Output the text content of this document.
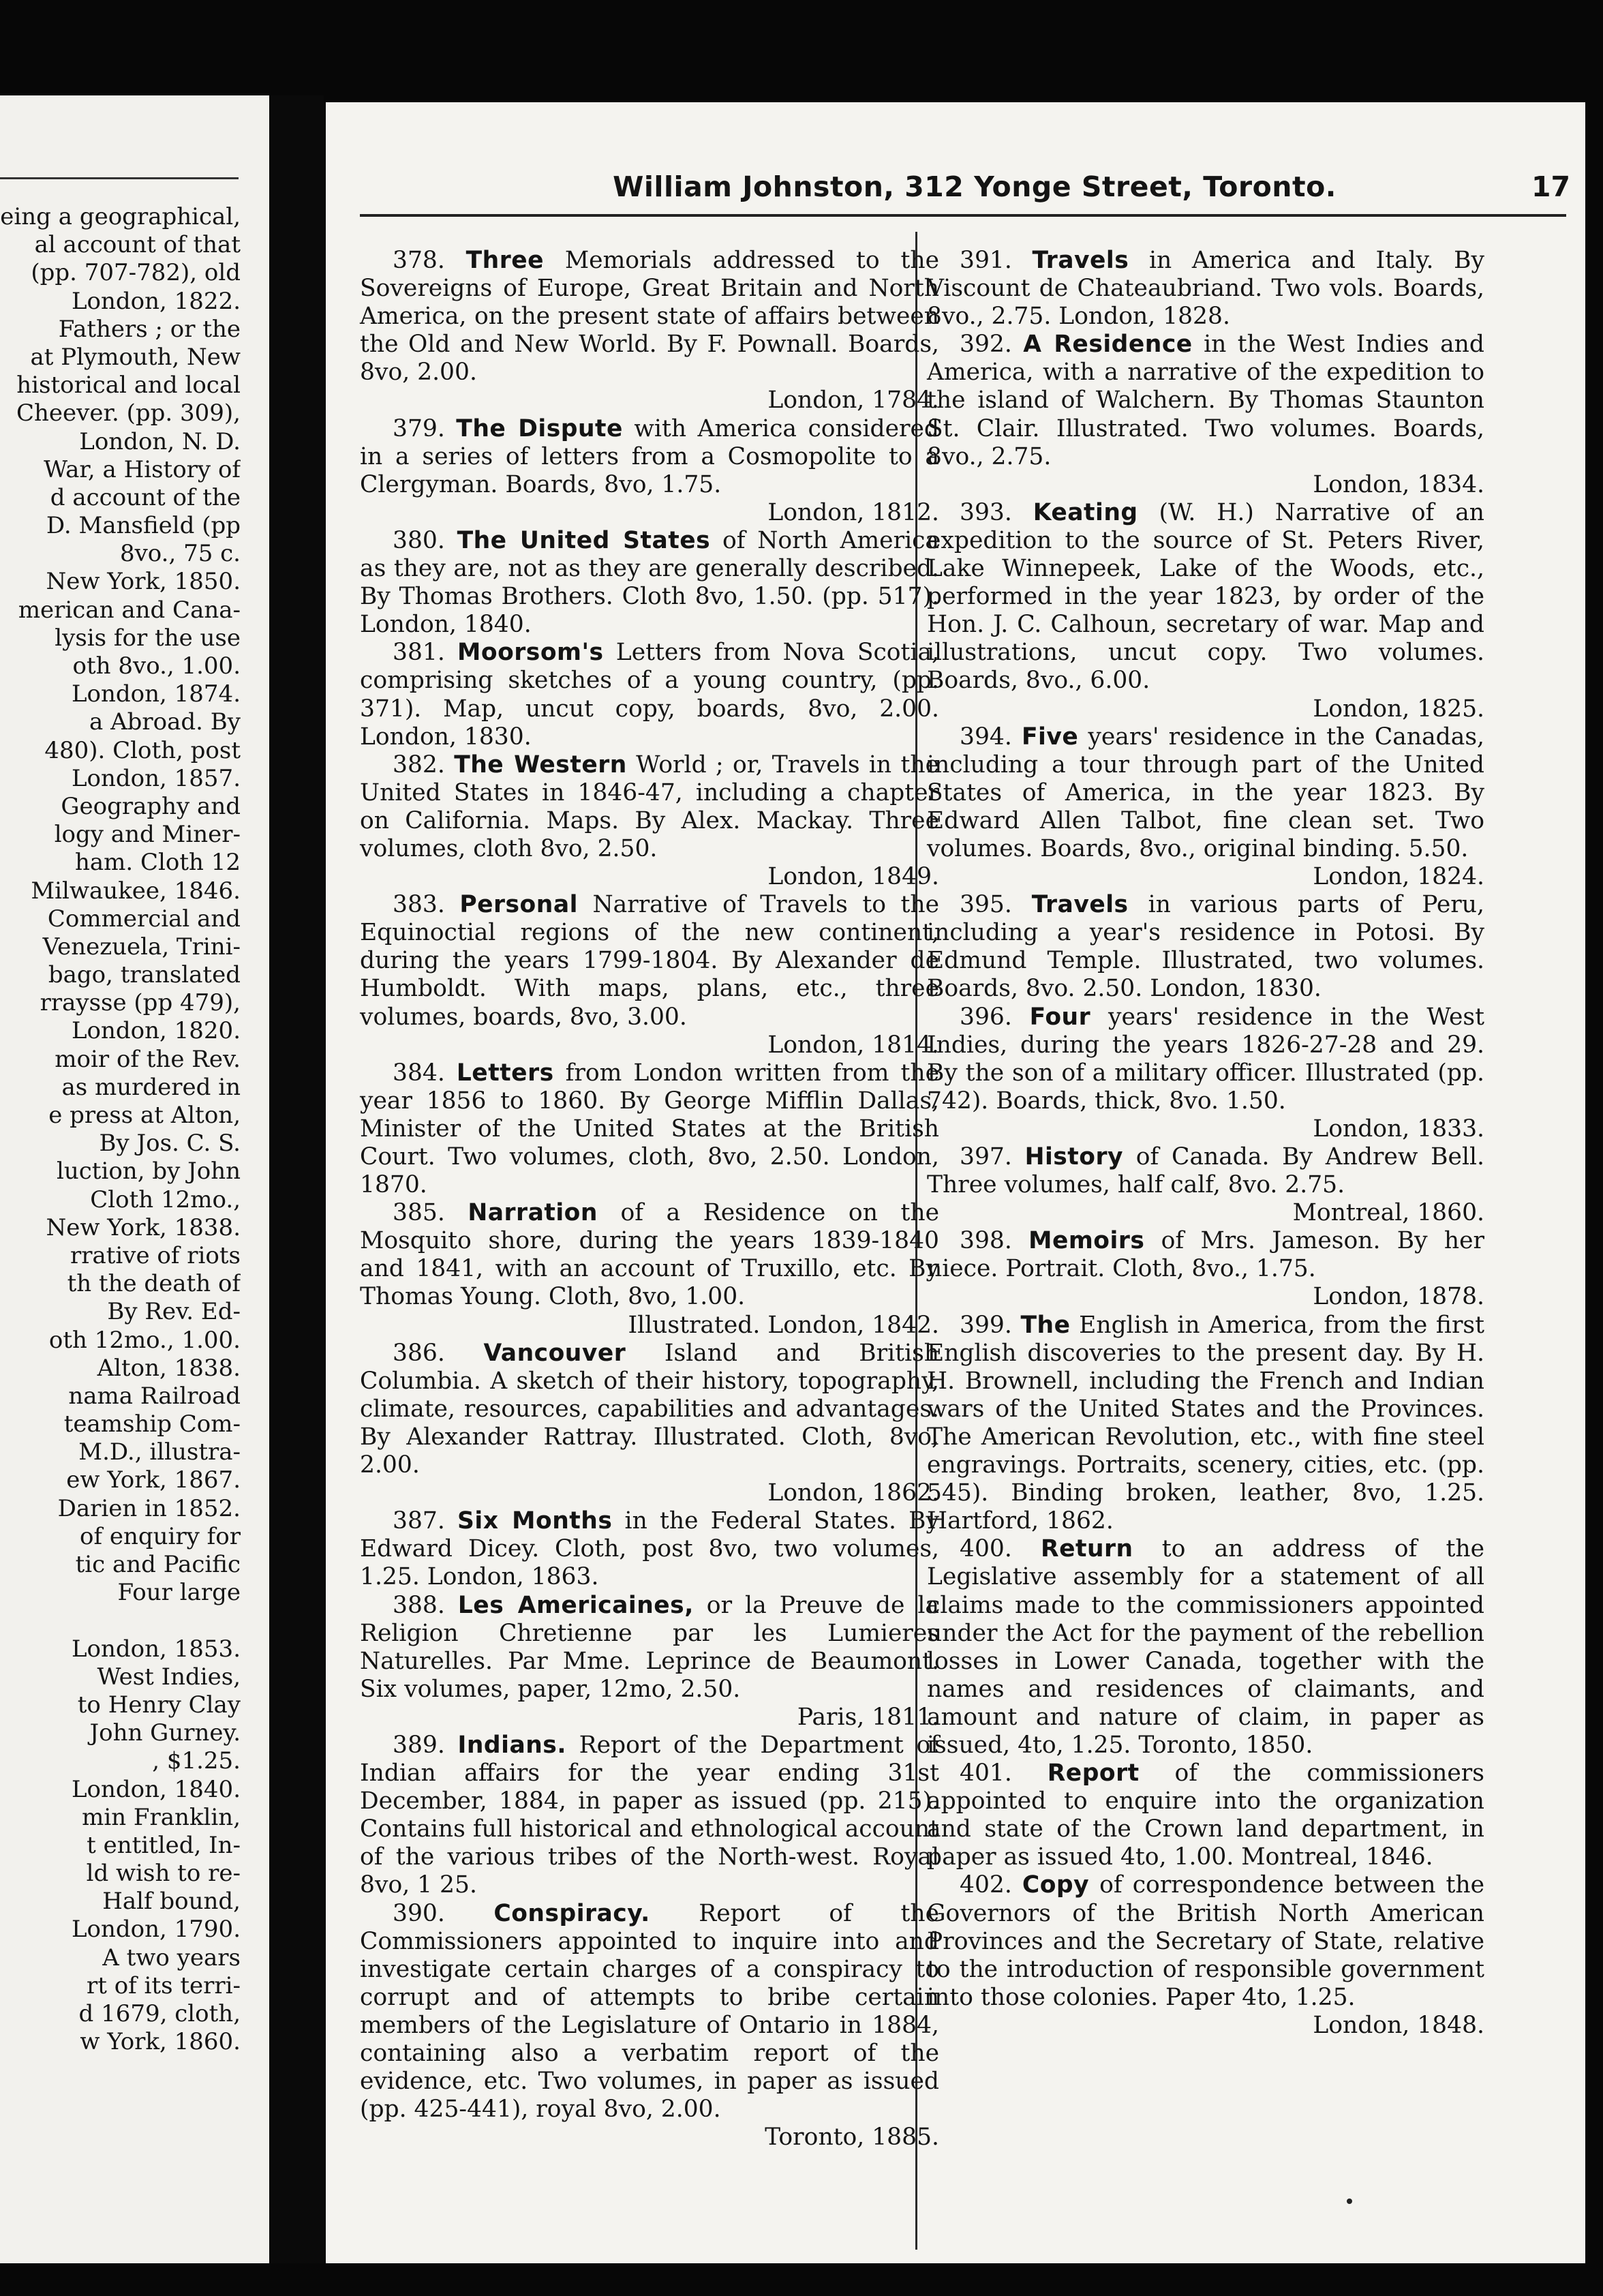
eing a geographical,
al account of that
(pp. 707-782), old
London, 1822.
Fathers ; or the
at Plymouth, New
historical and local
Cheever. (pp. 309),
London, N. D.
War, a History of
d account of the
D. Mansfield (pp
8vo., 75 c.
New York, 1850.
merican and Cana-
lysis for the use
oth 8vo., 1.00.
London, 1874.
a Abroad. By
480). Cloth, post
London, 1857.
Geography and
logy and Miner-
ham. Cloth 12
Milwaukee, 1846.
Commercial and
Venezuela, Trini-
bago, translated
rraysse (pp 479),
London, 1820.
moir of the Rev.
as murdered in
e press at Alton,
By Jos. C. S.
luction, by John
Cloth 12mo.,
New York, 1838.
rrative of riots
th the death of
By Rev. Ed-
oth 12mo., 1.00.
Alton, 1838.
nama Railroad
teamship Com-
M.D., illustra-
ew York, 1867.
Darien in 1852.
of enquiry for
tic and Pacific
Four large
London, 1853.
West Indies,
to Henry Clay
John Gurney.
, $1.25.
London, 1840.
min Franklin,
t entitled, In-
ld wish to re-
Half bound,
London, 1790.
A two years
rt of its terri-
d 1679, cloth,
w York, 1860.
William Johnston, 312 Yonge Street, Toronto.	17

378. Three Memorials addressed to the Sovereigns of Europe, Great Britain and North America, on the present state of affairs between the Old and New World. By F. Pownall. Boards, 8vo, 2.00.
London, 1784.

379. The Dispute with America considered in a series of letters from a Cosmopolite to a Clergyman. Boards, 8vo, 1.75.
London, 1812.

380. The United States of North America as they are, not as they are generally described. By Thomas Brothers. Cloth 8vo, 1.50. (pp. 517). London, 1840.

381. Moorsom's Letters from Nova Scotia, comprising sketches of a young country, (pp. 371). Map, uncut copy, boards, 8vo, 2.00. London, 1830.

382. The Western World ; or, Travels in the United States in 1846-47, including a chapter on California. Maps. By Alex. Mackay. Three volumes, cloth 8vo, 2.50.
London, 1849.

383. Personal Narrative of Travels to the Equinoctial regions of the new continent, during the years 1799-1804. By Alexander de Humboldt. With maps, plans, etc., three volumes, boards, 8vo, 3.00.
London, 1814.

384. Letters from London written from the year 1856 to 1860. By George Mifflin Dallas, Minister of the United States at the British Court. Two volumes, cloth, 8vo, 2.50. London, 1870.

385. Narration of a Residence on the Mosquito shore, during the years 1839-1840 and 1841, with an account of Truxillo, etc. By Thomas Young. Cloth, 8vo, 1.00.
Illustrated. London, 1842.

386. Vancouver Island and British Columbia. A sketch of their history, topography, climate, resources, capabilities and advantages. By Alexander Rattray. Illustrated. Cloth, 8vo, 2.00.
London, 1862.

387. Six Months in the Federal States. By Edward Dicey. Cloth, post 8vo, two volumes, 1.25. London, 1863.

388. Les Americaines, or la Preuve de la Religion Chretienne par les Lumieres Naturelles. Par Mme. Leprince de Beaumont. Six volumes, paper, 12mo, 2.50.
Paris, 1811.

389. Indians. Report of the Department of Indian affairs for the year ending 31st December, 1884, in paper as issued (pp. 215). Contains full historical and ethnological account of the various tribes of the North-west. Royal 8vo, 1 25.

390. Conspiracy. Report of the Commissioners appointed to inquire into and investigate certain charges of a conspiracy to corrupt and of attempts to bribe certain members of the Legislature of Ontario in 1884, containing also a verbatim report of the evidence, etc. Two volumes, in paper as issued (pp. 425-441), royal 8vo, 2.00.
Toronto, 1885.

391. Travels in America and Italy. By Viscount de Chateaubriand. Two vols. Boards, 8vo., 2.75. London, 1828.

392. A Residence in the West Indies and America, with a narrative of the expedition to the island of Walchern. By Thomas Staunton St. Clair. Illustrated. Two volumes. Boards, 8vo., 2.75.
London, 1834.

393. Keating (W. H.) Narrative of an expedition to the source of St. Peters River, Lake Winnepeek, Lake of the Woods, etc., performed in the year 1823, by order of the Hon. J. C. Calhoun, secretary of war. Map and illustrations, uncut copy. Two volumes. Boards, 8vo., 6.00.
London, 1825.

394. Five years' residence in the Canadas, including a tour through part of the United States of America, in the year 1823. By Edward Allen Talbot, fine clean set. Two volumes. Boards, 8vo., original binding. 5.50.
London, 1824.

395. Travels in various parts of Peru, including a year's residence in Potosi. By Edmund Temple. Illustrated, two volumes. Boards, 8vo. 2.50. London, 1830.

396. Four years' residence in the West Indies, during the years 1826-27-28 and 29. By the son of a military officer. Illustrated (pp. 742). Boards, thick, 8vo. 1.50.
London, 1833.

397. History of Canada. By Andrew Bell. Three volumes, half calf, 8vo. 2.75.
Montreal, 1860.

398. Memoirs of Mrs. Jameson. By her niece. Portrait. Cloth, 8vo., 1.75.
London, 1878.

399. The English in America, from the first English discoveries to the present day. By H. H. Brownell, including the French and Indian wars of the United States and the Provinces. The American Revolution, etc., with fine steel engravings. Portraits, scenery, cities, etc. (pp. 545). Binding broken, leather, 8vo, 1.25. Hartford, 1862.

400. Return to an address of the Legislative assembly for a statement of all claims made to the commissioners appointed under the Act for the payment of the rebellion losses in Lower Canada, together with the names and residences of claimants, and amount and nature of claim, in paper as issued, 4to, 1.25. Toronto, 1850.

401. Report of the commissioners appointed to enquire into the organization and state of the Crown land department, in paper as issued 4to, 1.00. Montreal, 1846.

402. Copy of correspondence between the Governors of the British North American Provinces and the Secretary of State, relative to the introduction of responsible government into those colonies. Paper 4to, 1.25.
London, 1848.
